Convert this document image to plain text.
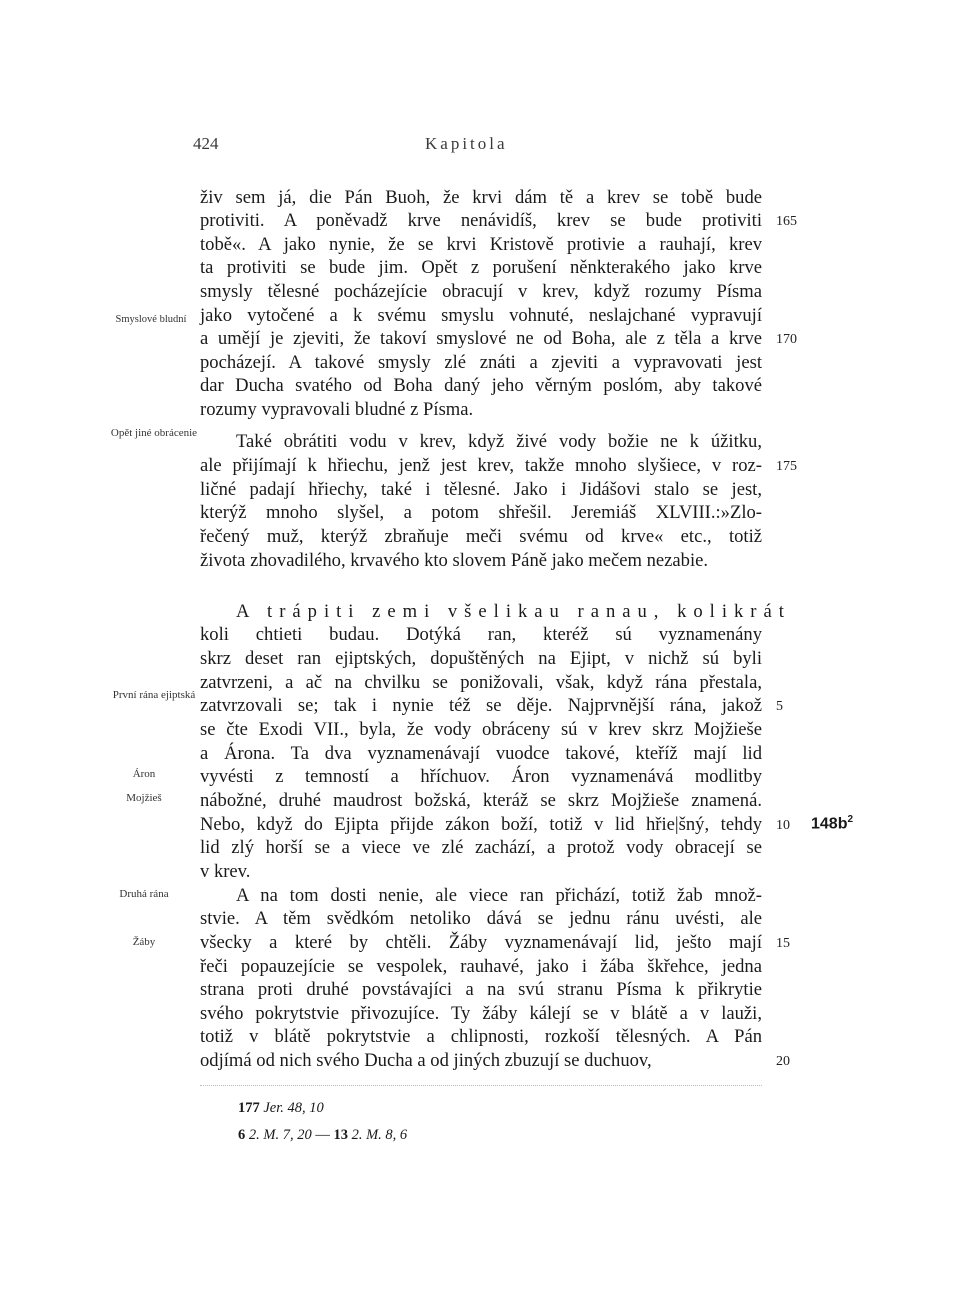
424	Kapitola
živ sem já, die Pán Buoh, že krvi dám tě a krev se tobě bude
protiviti. A poněvadž krve nenávidíš, krev se bude protiviti
tobě«. A jako nynie, že se krvi Kristově protivie a rauhají, krev
ta protiviti se bude jim. Opět z porušení něnkterakého jako krve
smysly tělesné pocházejície obracují v krev, když rozumy Písma
jako vytočené a k svému smyslu vohnuté, neslajchané vypravují
a umějí je zjeviti, že takoví smyslové ne od Boha, ale z těla a krve
pocházejí. A takové smysly zlé znáti a zjeviti a vypravovati jest
dar Ducha svatého od Boha daný jeho věrným poslóm, aby takové
rozumy vypravovali bludné z Písma.
Také obrátiti vodu v krev, když živé vody božie ne k úžitku,
ale přijímají k hřiechu, jenž jest krev, takže mnoho slyšiece, v roz-
ličné padají hřiechy, také i tělesné. Jako i Jidášovi stalo se jest,
kterýž mnoho slyšel, a potom shřešil. Jeremiáš XLVIII.:»Zlo-
řečený muž, kterýž zbraňuje meči svému od krve« etc., totiž
života zhovadilého, krvavého kto slovem Páně jako mečem nezabie.
koli chtieti budau. Dotýká ran, kteréž sú vyznamenány
skrz deset ran ejiptských, dopuštěných na Ejipt, v nichž sú byli
zatvrzeni, a ač na chvilku se ponižovali, však, když rána přestala,
zatvrzovali se; tak i nynie též se děje. Najprvnější rána, jakož
se čte Exodi VII., byla, že vody obráceny sú v krev skrz Mojžieše
a Árona. Ta dva vyznamenávají vuodce takové, kteříž mají lid
vyvésti z temností a hříchuov. Áron vyznamenává modlitby
nábožné, druhé maudrost božská, kteráž se skrz Mojžieše znamená.
Nebo, když do Ejipta přijde zákon boží, totiž v lid hřie|šný, tehdy
lid zlý horší se a viece ve zlé zachází, a protož vody obracejí se
v krev.
A na tom dosti nenie, ale viece ran přichází, totiž žab množ-
stvie. A těm svědkóm netoliko dává se jednu ránu uvésti, ale
všecky a které by chtěli. Žáby vyznamenávají lid, ješto mají
řeči popauzejície se vespolek, rauhavé, jako i žába škřehce, jedna
strana proti druhé povstávajíci a na svú stranu Písma k přikrytie
svého pokrytstvie přivozujíce. Ty žáby kálejí se v blátě a v lauži,
totiž v blátě pokrytstvie a chlipnosti, rozkoší tělesných. A Pán
odjímá od nich svého Ducha a od jiných zbuzují se duchuov,
A trápiti zemi všelikau ranau, kolikrát
165
170
175
5
10
15
20
Smyslové bludní
Opět jiné obrácenie
První rána ejiptská
Áron
Mojžieš
Druhá rána
Žáby
$148b^2$
177 Jer. 48, 10
6 2. M. 7, 20 — 13 2. M. 8, 6
